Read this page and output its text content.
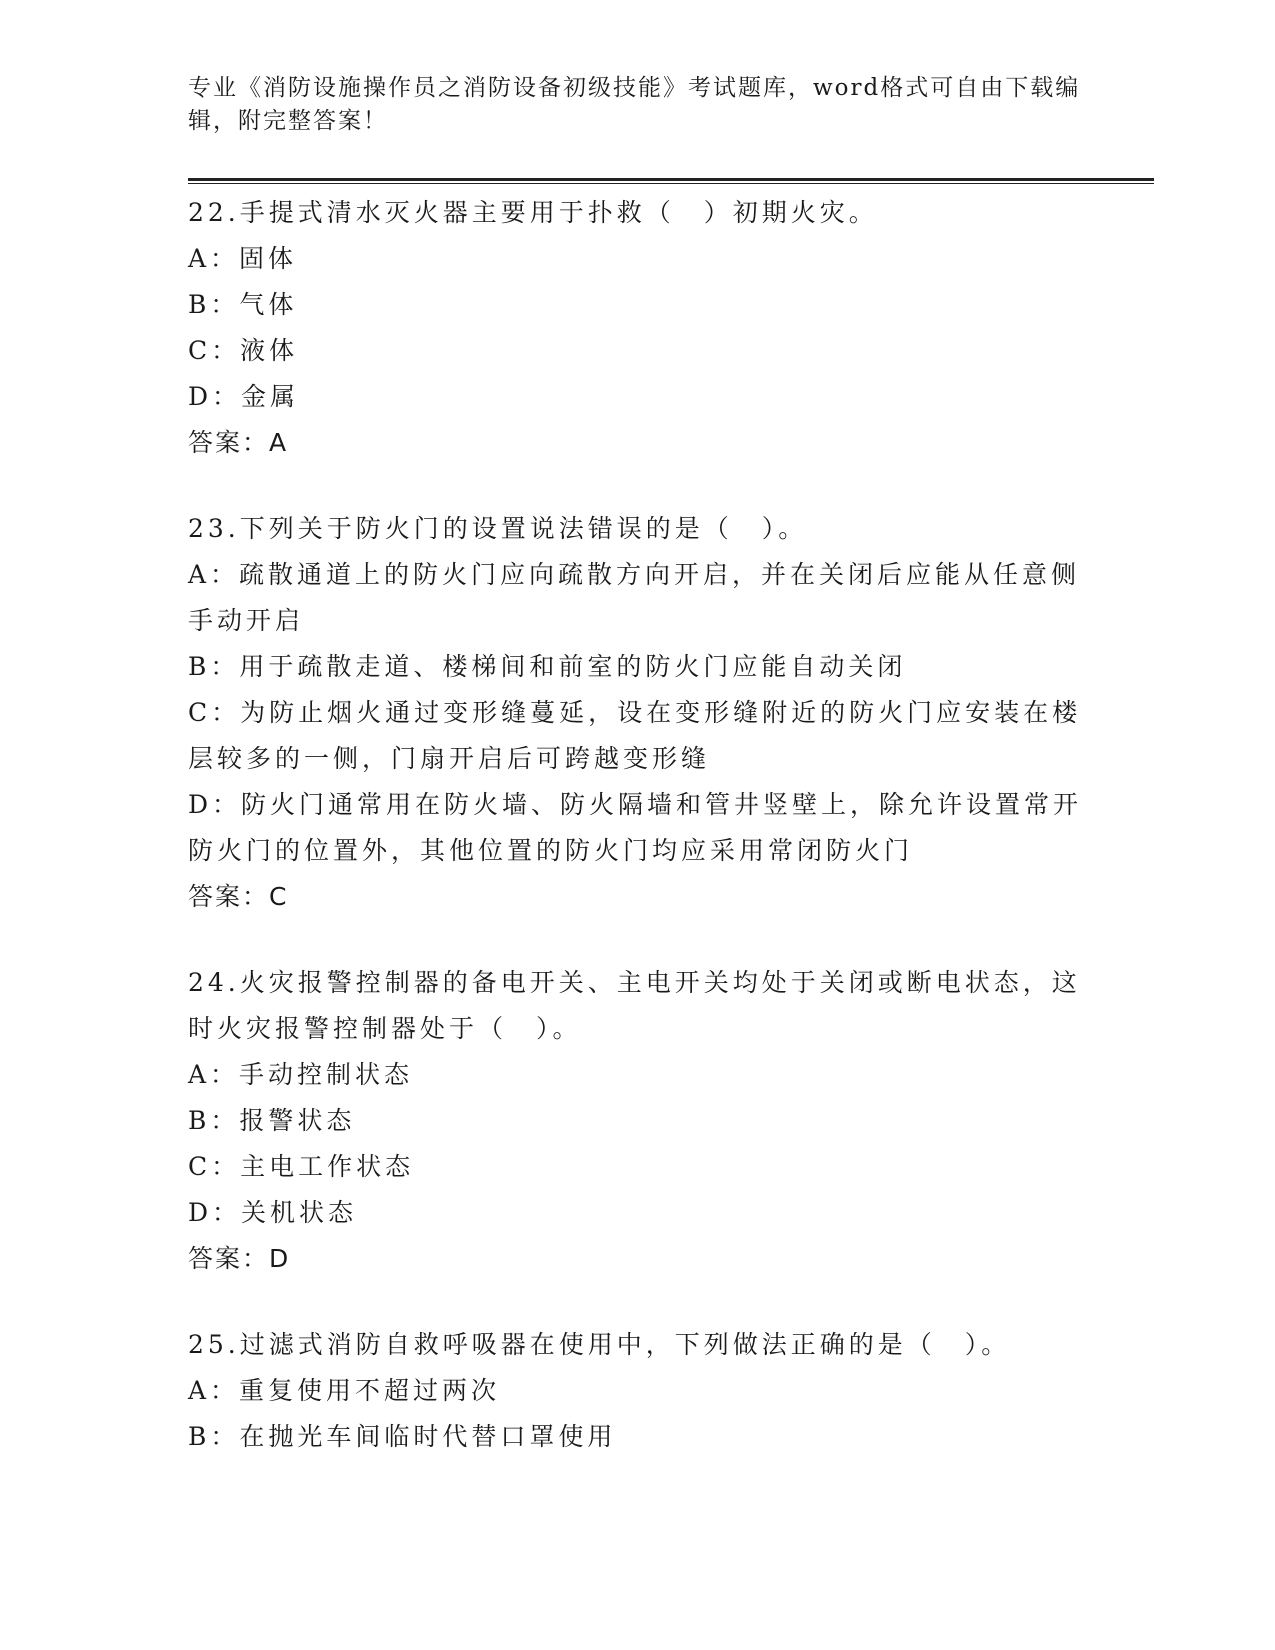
专业《消防设施操作员之消防设备初级技能》考试题库，word格式可自由下载编
辑，附完整答案！
22.手提式清水灭火器主要用于扑救（　）初期火灾。
A：固体
B：气体
C：液体
D：金属
答案：A
23.下列关于防火门的设置说法错误的是（　）。
A：疏散通道上的防火门应向疏散方向开启，并在关闭后应能从任意侧
手动开启
B：用于疏散走道、楼梯间和前室的防火门应能自动关闭
C：为防止烟火通过变形缝蔓延，设在变形缝附近的防火门应安装在楼
层较多的一侧，门扇开启后可跨越变形缝
D：防火门通常用在防火墙、防火隔墙和管井竖壁上，除允许设置常开
防火门的位置外，其他位置的防火门均应采用常闭防火门
答案：C
24.火灾报警控制器的备电开关、主电开关均处于关闭或断电状态，这
时火灾报警控制器处于（　）。
A：手动控制状态
B：报警状态
C：主电工作状态
D：关机状态
答案：D
25.过滤式消防自救呼吸器在使用中，下列做法正确的是（　）。
A：重复使用不超过两次
B：在抛光车间临时代替口罩使用
